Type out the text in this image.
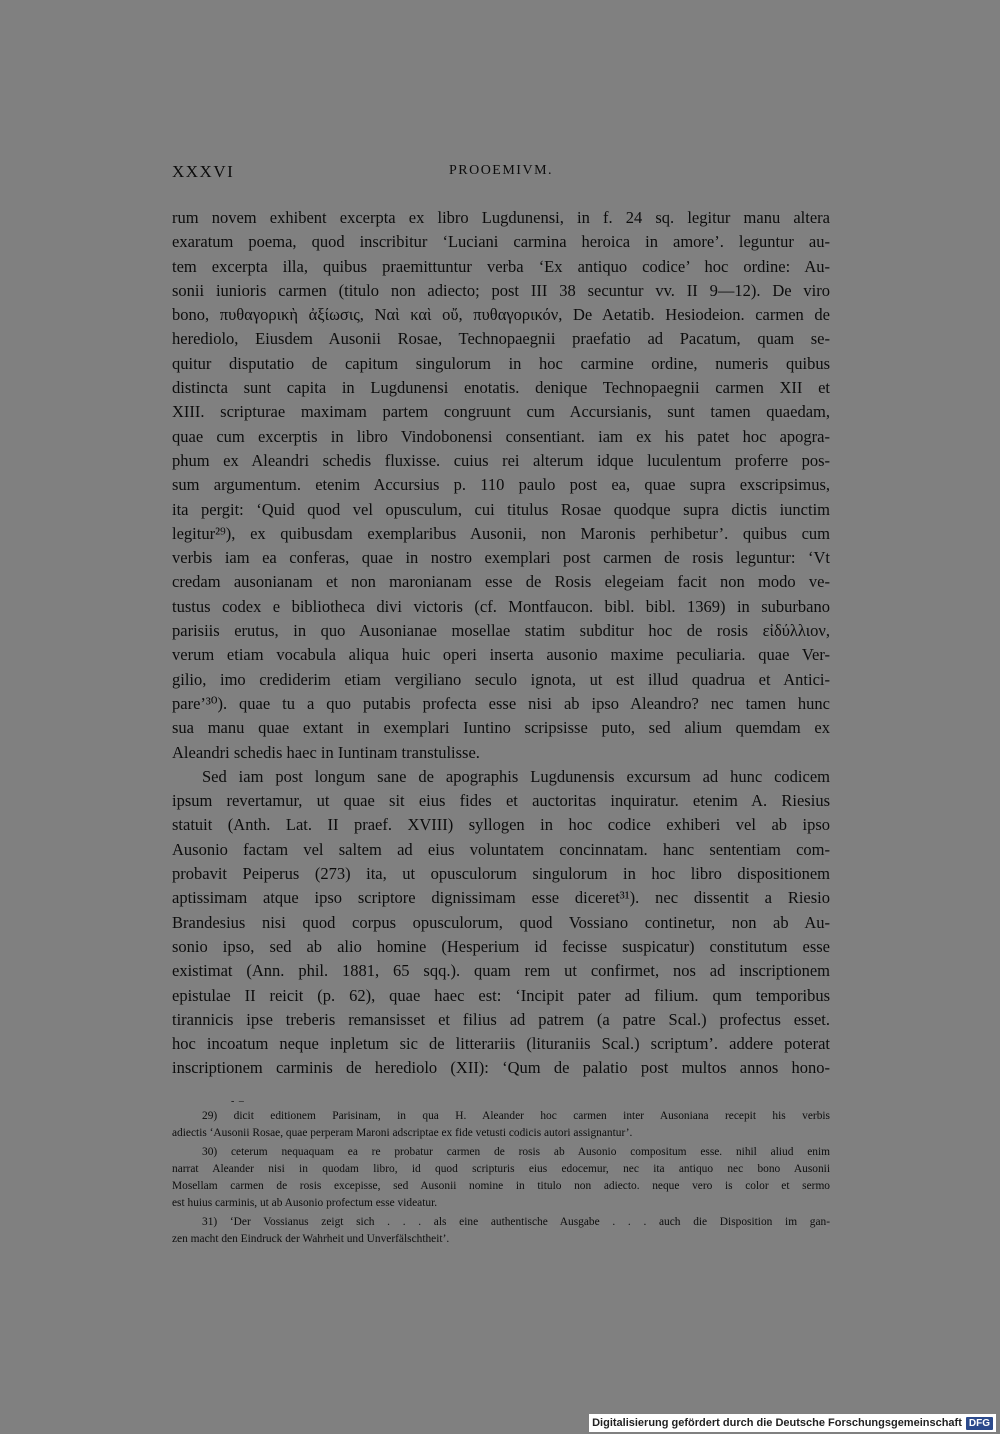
XXXVI	PROOEMIVM.
rum novem exhibent excerpta ex libro Lugdunensi, in f. 24 sq. legitur manu altera
exaratum poema, quod inscribitur ‘Luciani carmina heroica in amore’. leguntur au-
tem excerpta illa, quibus praemittuntur verba ‘Ex antiquo codice’ hoc ordine: Au-
sonii iunioris carmen (titulo non adiecto; post III 38 secuntur vv. II 9—12). De viro
bono, πυθαγορικὴ ἀξίωσις, Ναὶ καὶ οὔ, πυθαγορικόν, De Aetatib. Hesiodeion. carmen de
herediolo, Eiusdem Ausonii Rosae, Technopaegnii praefatio ad Pacatum, quam se-
quitur disputatio de capitum singulorum in hoc carmine ordine, numeris quibus
distincta sunt capita in Lugdunensi enotatis. denique Technopaegnii carmen XII et
XIII. scripturae maximam partem congruunt cum Accursianis, sunt tamen quaedam,
quae cum excerptis in libro Vindobonensi consentiant. iam ex his patet hoc apogra-
phum ex Aleandri schedis fluxisse. cuius rei alterum idque luculentum proferre pos-
sum argumentum. etenim Accursius p. 110 paulo post ea, quae supra exscripsimus,
ita pergit: ‘Quid quod vel opusculum, cui titulus Rosae quodque supra dictis iunctim
legitur²⁹), ex quibusdam exemplaribus Ausonii, non Maronis perhibetur’. quibus cum
verbis iam ea conferas, quae in nostro exemplari post carmen de rosis leguntur: ‘Vt
credam ausonianam et non maronianam esse de Rosis elegeiam facit non modo ve-
tustus codex e bibliotheca divi victoris (cf. Montfaucon. bibl. bibl. 1369) in suburbano
parisiis erutus, in quo Ausonianae mosellae statim subditur hoc de rosis εἰδύλλιον,
verum etiam vocabula aliqua huic operi inserta ausonio maxime peculiaria. quae Ver-
gilio, imo crediderim etiam vergiliano seculo ignota, ut est illud quadrua et Antici-
pare’³⁰). quae tu a quo putabis profecta esse nisi ab ipso Aleandro? nec tamen hunc
sua manu quae extant in exemplari Iuntino scripsisse puto, sed alium quemdam ex
Aleandri schedis haec in Iuntinam transtulisse.
Sed iam post longum sane de apographis Lugdunensis excursum ad hunc codicem
ipsum revertamur, ut quae sit eius fides et auctoritas inquiratur. etenim A. Riesius
statuit (Anth. Lat. II praef. XVIII) syllogen in hoc codice exhiberi vel ab ipso
Ausonio factam vel saltem ad eius voluntatem concinnatam. hanc sententiam com-
probavit Peiperus (273) ita, ut opusculorum singulorum in hoc libro dispositionem
aptissimam atque ipso scriptore dignissimam esse diceret³¹). nec dissentit a Riesio
Brandesius nisi quod corpus opusculorum, quod Vossiano continetur, non ab Au-
sonio ipso, sed ab alio homine (Hesperium id fecisse suspicatur) constitutum esse
existimat (Ann. phil. 1881, 65 sqq.). quam rem ut confirmet, nos ad inscriptionem
epistulae II reicit (p. 62), quae haec est: ‘Incipit pater ad filium. qum temporibus
tirannicis ipse treberis remansisset et filius ad patrem (a patre Scal.) profectus esset.
hoc incoatum neque inpletum sic de litterariis (lituraniis Scal.) scriptum’. addere poterat
inscriptionem carminis de herediolo (XII): ‘Qum de palatio post multos annos hono-
‐ ‒
29) dicit editionem Parisinam, in qua H. Aleander hoc carmen inter Ausoniana recepit his verbis
adiectis ‘Ausonii Rosae, quae perperam Maroni adscriptae ex fide vetusti codicis autori assignantur’.
30) ceterum nequaquam ea re probatur carmen de rosis ab Ausonio compositum esse. nihil aliud enim
narrat Aleander nisi in quodam libro, id quod scripturis eius edocemur, nec ita antiquo nec bono Ausonii
Mosellam carmen de rosis excepisse, sed Ausonii nomine in titulo non adiecto. neque vero is color et sermo
est huius carminis, ut ab Ausonio profectum esse videatur.
31) ‘Der Vossianus zeigt sich . . . als eine authentische Ausgabe . . . auch die Disposition im gan-
zen macht den Eindruck der Wahrheit und Unverfälschtheit’.
Digitalisierung gefördert durch die Deutsche Forschungsgemeinschaft DFG
